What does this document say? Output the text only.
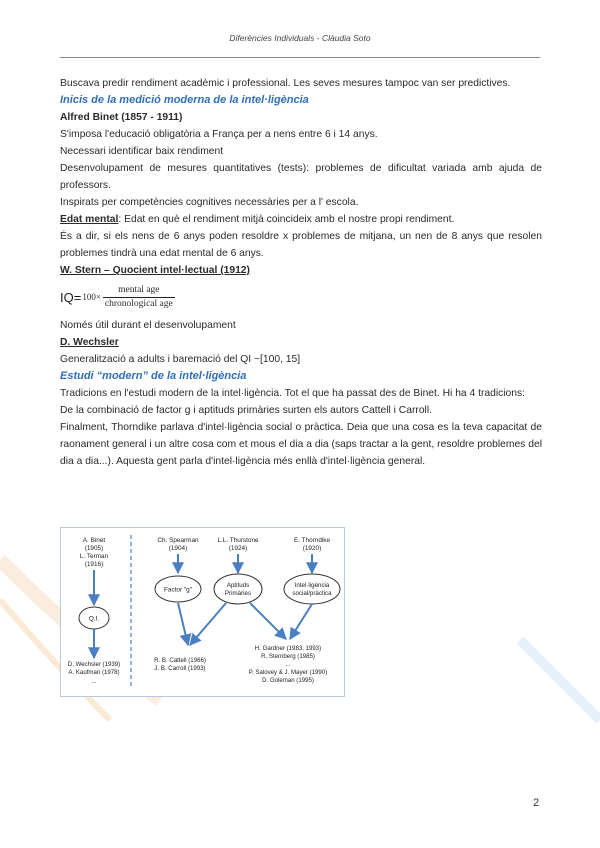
Diferències Individuals - Clàudia Soto

Buscava predir rendiment acadèmic i professional. Les seves mesures tampoc van ser predictives.

Inicis de la medició moderna de la intel·ligència

Alfred Binet (1857 - 1911)

S'imposa l'educació obligatòria a França per a nens entre 6 i 14 anys.

Necessari identificar baix rendiment

Desenvolupament de mesures quantitatives (tests): problemes de dificultat variada amb ajuda de professors.

Inspirats per competències cognitives necessàries per a l' escola.

Edat mental: Edat en què el rendiment mitjà coincideix amb el nostre propi rendiment.

És a dir, si els nens de 6 anys poden resoldre x problemes de mitjana, un nen de 8 anys que resolen problemes tindrà una edat mental de 6 anys.

W. Stern – Quocient intel·lectual (1912)

$IQ= 100\times \frac{\text{mental age}}{\text{chronological age}}$

Només útil durant el desenvolupament

D. Wechsler

Generalització a adults i baremació del QI ~[100, 15]

Estudi “modern” de la intel·ligència

Tradicions en l'estudi modern de la intel·ligència. Tot el que ha passat des de Binet. Hi ha 4 tradicions:

De la combinació de factor g i aptituds primàries surten els autors Cattell i Carroll.

Finalment, Thorndike parlava d'intel·ligència social o pràctica. Deia que una cosa es la teva capacitat de raonament general i un altre cosa com et mous el dia a dia (saps tractar a la gent, resoldre problemes del dia a dia...). Aquesta gent parla d'intel·ligència més enllà d'intel·ligència general.

A. Binet
(1905)
L. Terman
(1916)
Q.I.
D. Wechsler (1939)
A. Kaufman (1978)
...
Ch. Spearman
(1904)
L.L. Thurstone
(1924)
E. Thorndike
(1920)
Factor "g"
Aptituds
Primàries
Intel·ligència
social/pràctica
R. B. Cattell (1966)
J. B. Carroll (1993)
H. Gardner (1983, 1993)
R. Sternberg (1985)
...
P. Salovey & J. Mayer (1990)
D. Goleman (1995)
2
